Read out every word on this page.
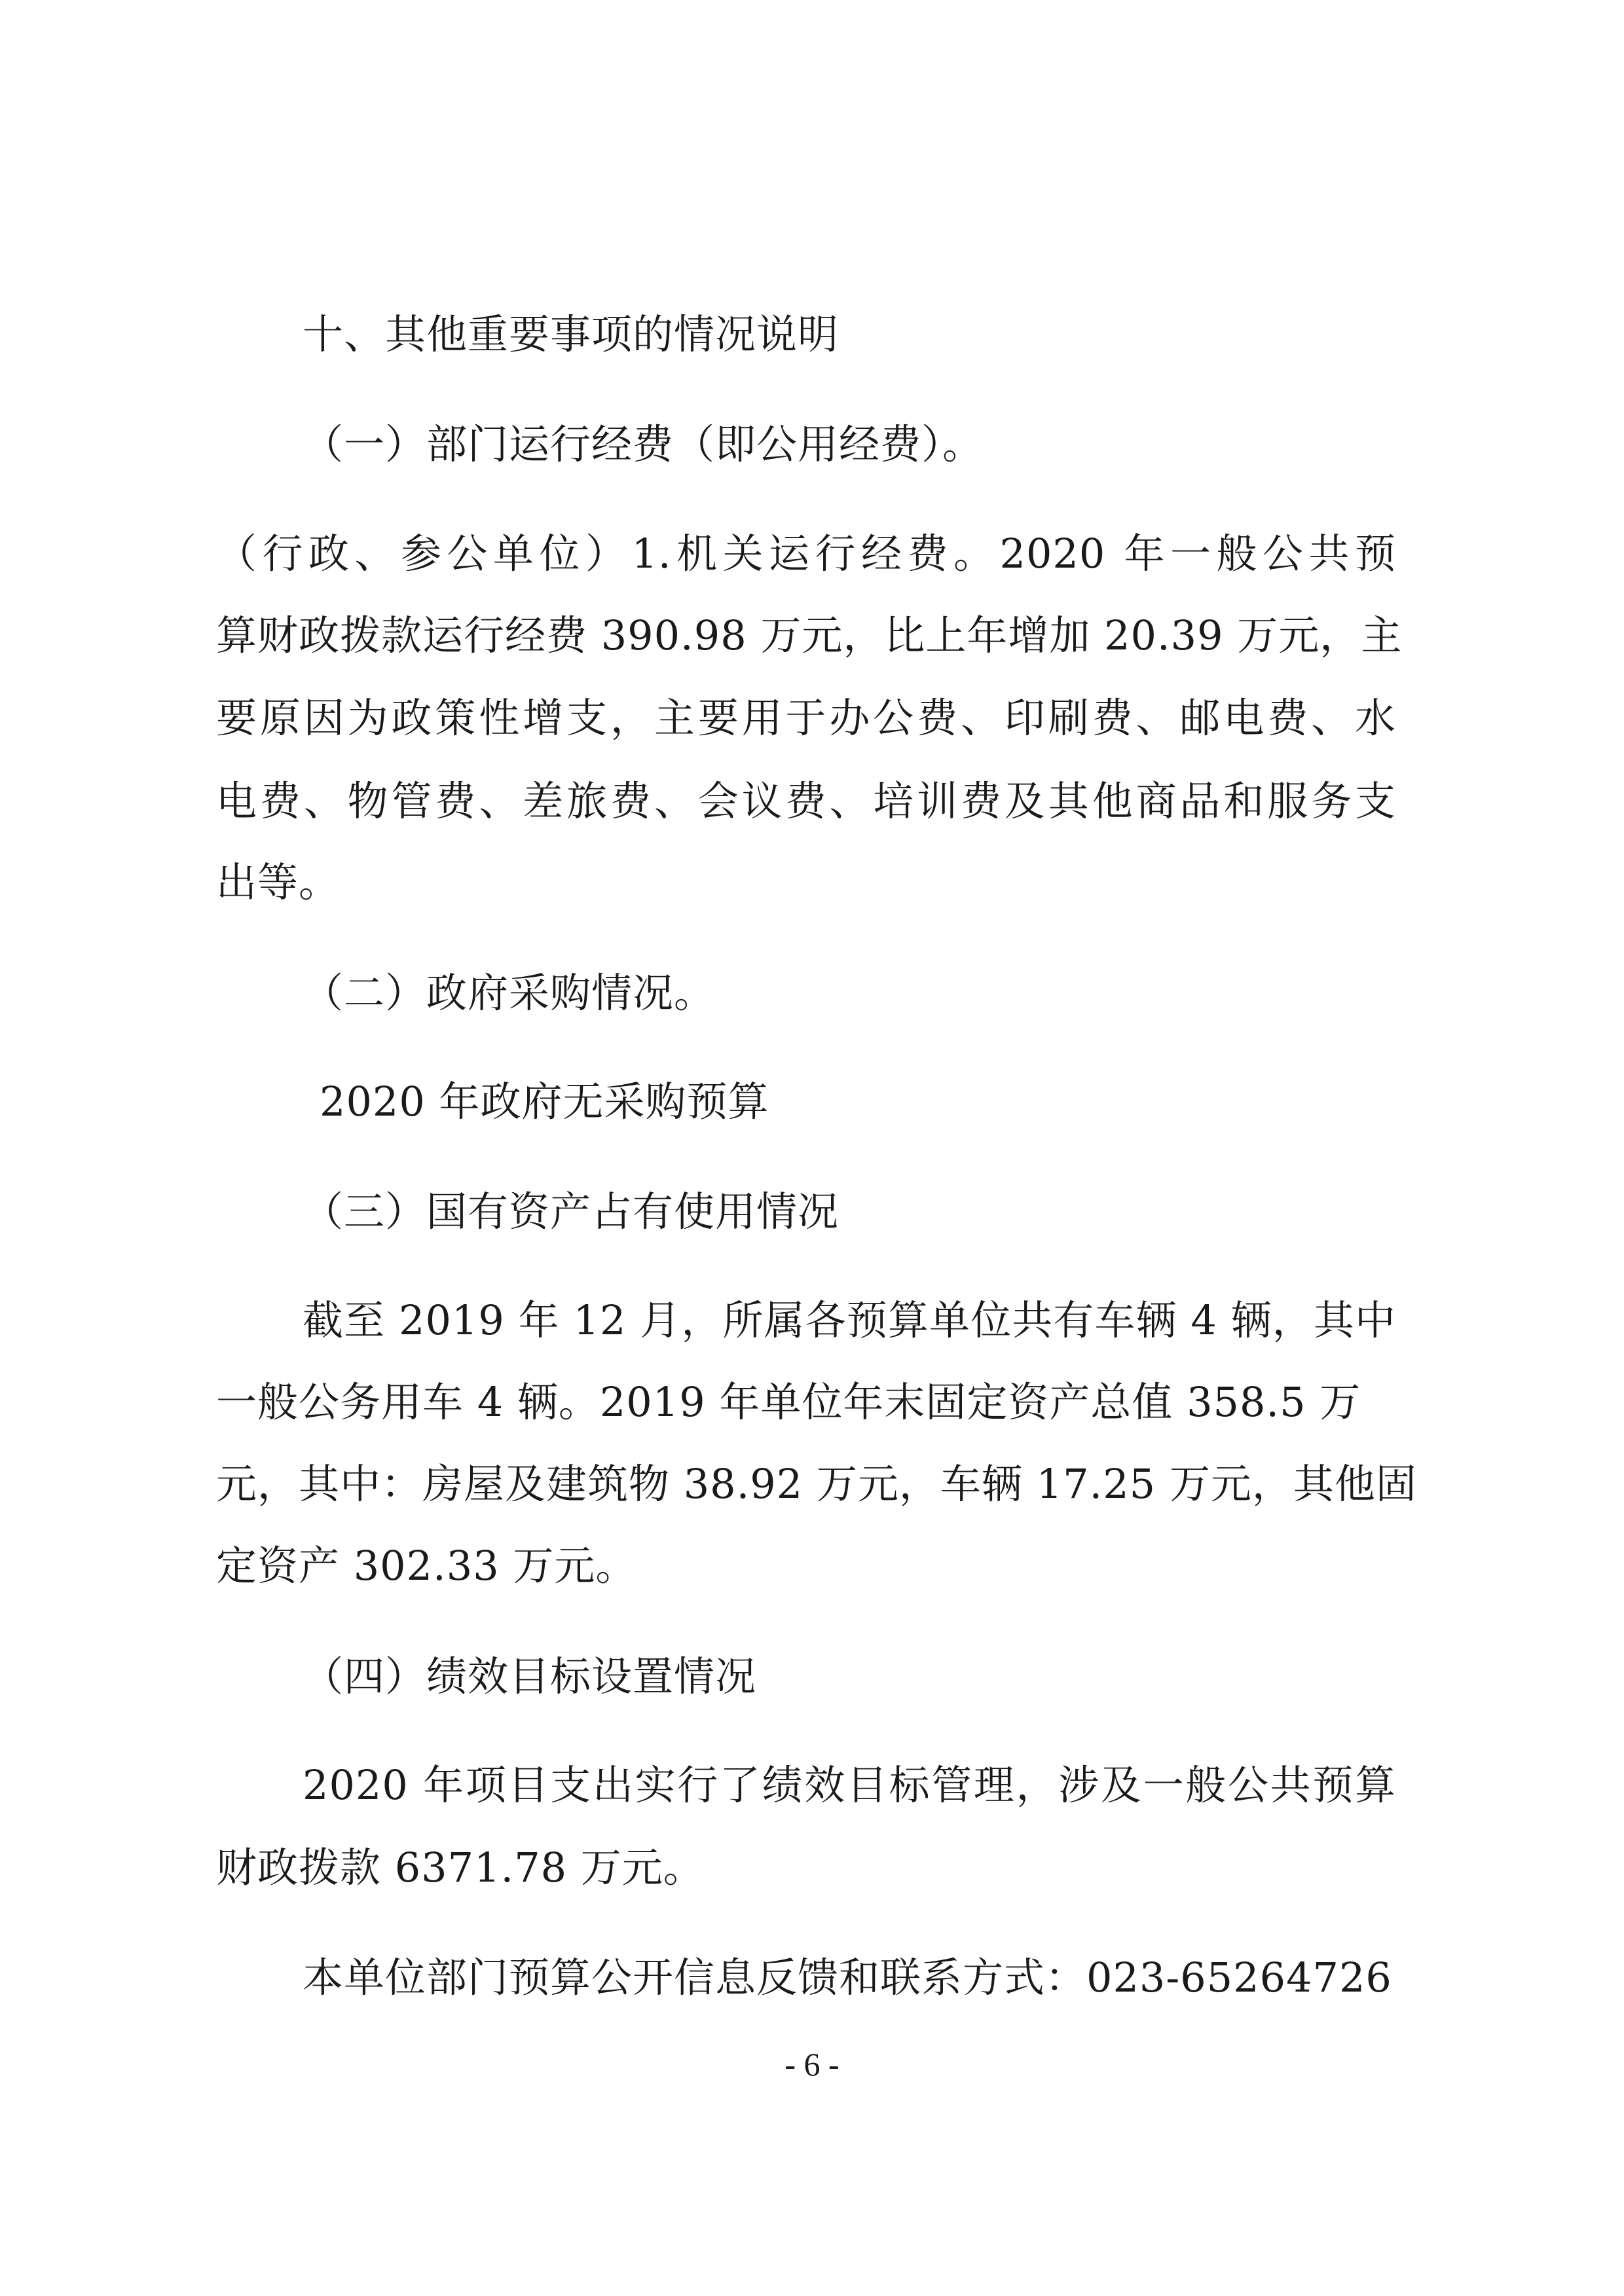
十、其他重要事项的情况说明
（一）部门运行经费（即公用经费）。
（行政、参公单位）1.机关运行经费。2020 年一般公共预
算财政拨款运行经费 390.98 万元，比上年增加 20.39 万元，主
要原因为政策性增支，主要用于办公费、印刷费、邮电费、水
电费、物管费、差旅费、会议费、培训费及其他商品和服务支
出等。
（二）政府采购情况。
2020 年政府无采购预算
（三）国有资产占有使用情况
截至 2019 年 12 月，所属各预算单位共有车辆 4 辆，其中
一般公务用车 4 辆。2019 年单位年末固定资产总值 358.5 万
元，其中：房屋及建筑物 38.92 万元，车辆 17.25 万元，其他固
定资产 302.33 万元。
（四）绩效目标设置情况
2020 年项目支出实行了绩效目标管理，涉及一般公共预算
财政拨款 6371.78 万元。
本单位部门预算公开信息反馈和联系方式：023-65264726
- 6 -
